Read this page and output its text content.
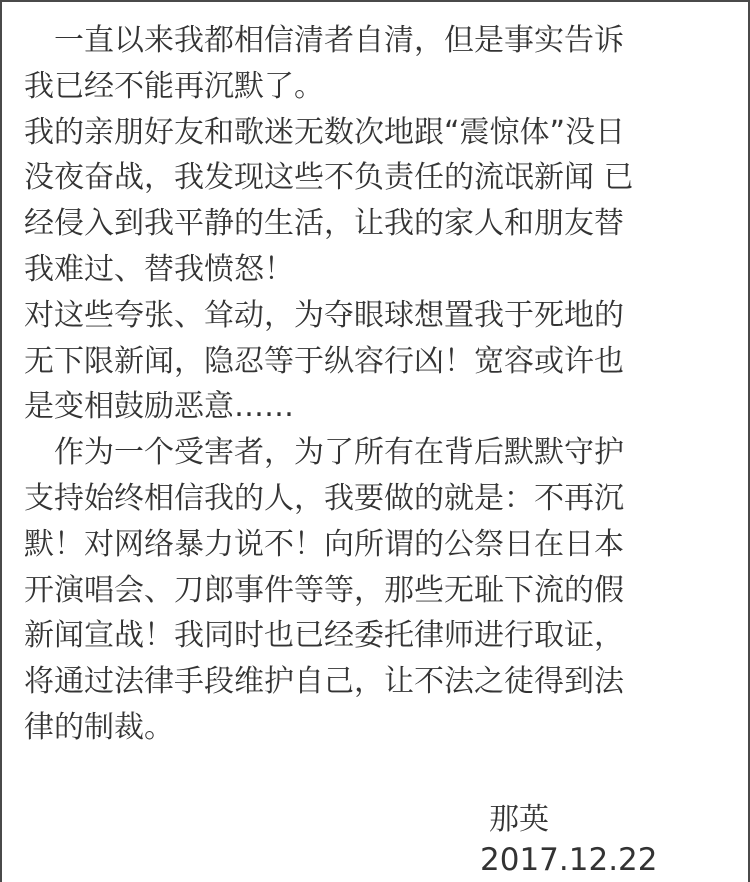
　一直以来我都相信清者自清，但是事实告诉
我已经不能再沉默了。
我的亲朋好友和歌迷无数次地跟“震惊体”没日
没夜奋战，我发现这些不负责任的流氓新闻 已
经侵入到我平静的生活，让我的家人和朋友替
我难过、替我愤怒！
对这些夸张、耸动，为夺眼球想置我于死地的
无下限新闻，隐忍等于纵容行凶！宽容或许也
是变相鼓励恶意……
　作为一个受害者，为了所有在背后默默守护
支持始终相信我的人，我要做的就是：不再沉
默！对网络暴力说不！向所谓的公祭日在日本
开演唱会、刀郎事件等等，那些无耻下流的假
新闻宣战！我同时也已经委托律师进行取证，
将通过法律手段维护自己，让不法之徒得到法
律的制裁。
那英
2017.12.22
